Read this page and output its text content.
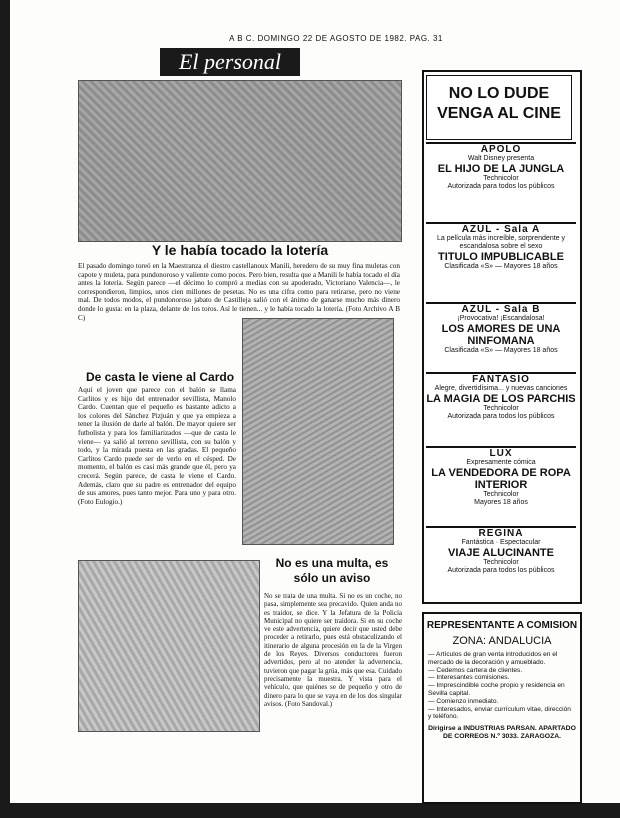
A B C. DOMINGO 22 DE AGOSTO DE 1982. PAG. 31
El personal
Y le había tocado la lotería
El pasado domingo toreó en la Maestranza el diestro castellanoux Manili, heredero de su muy fina muletas con capote y muleta, para pundonoroso y valiente como pocos. Pero bien, resulta que a Manili le había tocado el día antes la lotería. Según parece —el décimo lo compró a medias con su apoderado, Victoriano Valencia—, le correspondieron, limpios, unos cien millones de pesetas. No es una cifra como para retirarse, pero no viene mal. De todos modos, el pundonoroso jabato de Castilleja salió con el ánimo de ganarse mucho más dinero donde lo gusta: en la plaza, delante de los toros. Así le tienen... y le había tocado la lotería. (Foto Archivo A B C)
De casta le viene al Cardo
Aquí el joven que parece con el balón se llama Carlitos y es hijo del entrenador sevillista, Manolo Cardo. Cuentan que el pequeño es bastante adicto a los colores del Sánchez Pizjuán y que ya empieza a tener la ilusión de darle al balón. De mayor quiere ser futbolista y para los familiarizados —que de casta le viene— ya salió al terreno sevillista, con su balón y todo, y la mirada puesta en las gradas. El pequeño Carlitos Cardo puede ser de verlo en el césped. De momento, el balón es casi más grande que él, pero ya crecerá. Según parece, de casta le viene el Cardo. Además, claro que su padre es entrenador del equipo de sus amores, pues tanto mejor. Para uno y para otro. (Foto Eulogio.)
No es una multa, es sólo un aviso
No se trata de una multa. Si no es un coche, no pasa, simplemente sea precavido. Quien anda no es traidor, se dice. Y la Jefatura de la Policía Municipal no quiere ser traidora. Si en su coche ve este advertencia, quiere decir que usted debe proceder a retirarlo, pues está obstaculizando el itinerario de alguna procesión en la de la Virgen de los Reyes. Diversos conductores fueron advertidos, pero al no atender la advertencia, tuvieron que pagar la grúa, más que esa. Cuidado precisamente la muestra. Y vista para el vehículo, que quiénes se de pequeño y otro de dinero para lo que se vaya en de los dos singular avisos. (Foto Sandoval.)
NO LO DUDE VENGA AL CINE
APOLO
Walt Disney presenta
EL HIJO DE LA JUNGLA
Technicolor
Autorizada para todos los públicos
AZUL - Sala A
La película más increíble, sorprendente y escandalosa sobre el sexo
TITULO IMPUBLICABLE
Clasificada «S» — Mayores 18 años
AZUL - Sala B
¡Provocativa! ¡Escandalosa!
LOS AMORES DE UNA NINFOMANA
Clasificada «S» — Mayores 18 años
FANTASIO
Alegre, divertidísima... y nuevas canciones
LA MAGIA DE LOS PARCHIS
Technicolor
Autorizada para todos los públicos
LUX
Expresamente cómica
LA VENDEDORA DE ROPA INTERIOR
Technicolor
Mayores 18 años
REGINA
Fantástica · Espectacular
VIAJE ALUCINANTE
Technicolor
Autorizada para todos los públicos
REPRESENTANTE A COMISION
ZONA: ANDALUCIA
— Artículos de gran venta introducidos en el mercado de la decoración y amueblado.
— Cedemos cartera de clientes.
— Interesantes comisiones.
— Imprescindible coche propio y residencia en Sevilla capital.
— Comienzo inmediato.
— Interesados, enviar currículum vitae, dirección y teléfono.
Dirigirse a INDUSTRIAS PARSAN. APARTADO DE CORREOS N.º 3033. ZARAGOZA.
